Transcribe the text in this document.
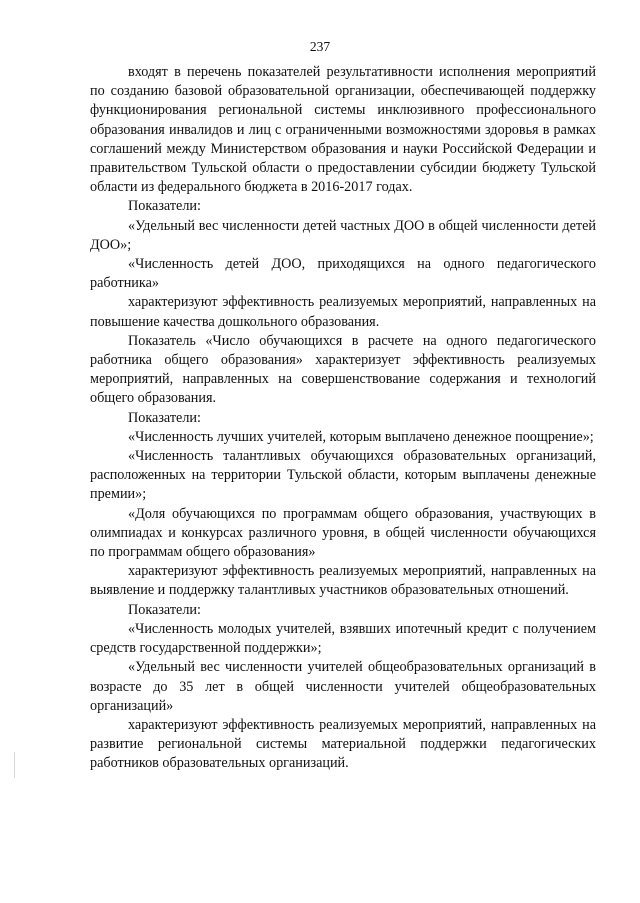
237

входят в перечень показателей результативности исполнения мероприятий по созданию базовой образовательной организации, обеспечивающей поддержку функционирования региональной системы инклюзивного профессионального образования инвалидов и лиц с ограниченными возможностями здоровья в рамках соглашений между Министерством образования и науки Российской Федерации и правительством Тульской области о предоставлении субсидии бюджету Тульской области из федерального бюджета в 2016-2017 годах.

Показатели:

«Удельный вес численности детей частных ДОО в общей численности детей ДОО»;

«Численность детей ДОО, приходящихся на одного педагогического работника»

характеризуют эффективность реализуемых мероприятий, направленных на повышение качества дошкольного образования.

Показатель «Число обучающихся в расчете на одного педагогического работника общего образования» характеризует эффективность реализуемых мероприятий, направленных на совершенствование содержания и технологий общего образования.

Показатели:

«Численность лучших учителей, которым выплачено денежное поощрение»;

«Численность талантливых обучающихся образовательных организаций, расположенных на территории Тульской области, которым выплачены денежные премии»;

«Доля обучающихся по программам общего образования, участвующих в олимпиадах и конкурсах различного уровня, в общей численности обучающихся по программам общего образования»

характеризуют эффективность реализуемых мероприятий, направленных на выявление и поддержку талантливых участников образовательных отношений.

Показатели:

«Численность молодых учителей, взявших ипотечный кредит с получением средств государственной поддержки»;

«Удельный вес численности учителей общеобразовательных организаций в возрасте до 35 лет в общей численности учителей общеобразовательных организаций»

характеризуют эффективность реализуемых мероприятий, направленных на развитие региональной системы материальной поддержки педагогических работников образовательных организаций.
